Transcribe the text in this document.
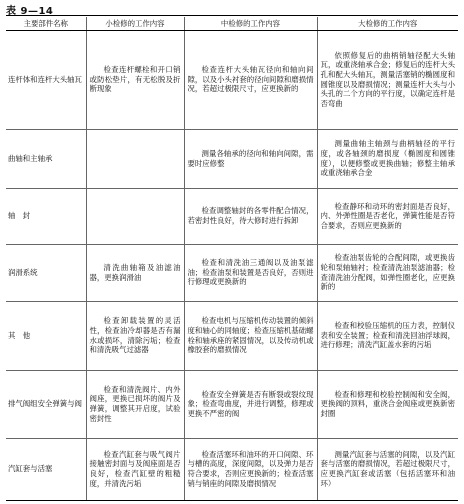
表 9—14
主要部件名称	小检修的工作内容	中检修的工作内容	大检修的工作内容
连杆体和连杆大头轴瓦	检查连杆螺栓和开口销或防松垫片，有无松脱及折断现象	检查连杆大头轴瓦径向和轴向间隙，以及小头衬套的径向间隙和磨损情况，若超过极限尺寸，应更换新的	依照修复后的曲柄销轴径配大头轴瓦，或重浇轴承合金；修复后的连杆大头孔和配大头轴瓦，测量活塞销的椭圆度和圆锥度以及磨损情况；测量连杆大头与小头孔的二个方向的平行度，以确定连杆是否弯曲
曲轴和主轴承		测量各轴承的径向和轴向间隙，需要时应修整	测量曲轴主轴颈与曲柄轴径的平行度，或各轴颈的磨损度（椭圆度和圆锥度），以便修整或更换曲轴；修整主轴承或重浇轴承合金
轴　封		检查调整轴封的各零件配合情况，若密封性良好，待大修时进行拆卸	检查静环和动环的密封面是否良好，内、外弹性圈是否老化，弹簧性能是否符合要求，否则应更换新的
润滑系统	清洗曲轴箱及油滤油器，更换润滑油	检查和清洗油三通阀以及油泵滤油；检查油泵和装置是否良好，否则进行修理或更换新的	检查油泵齿轮的合配间隙，或更换齿轮和泵轴轴衬；检查清洗油泵滤油器；检查清洗油分配阀，如弹性圈老化，应更换新的
其　他	检查卸载装置的灵活性，检查油冷却器是否有漏水或损坏，清除污垢；检查和清洗吸气过滤器	检查电机与压缩机传动装置的倾斜度和轴心的同轴度；检查压缩机基础螺栓和轴承座的紧固情况，以及传动机或橡胶套的磨损情况	检查和校验压缩机的压力表，控制仪表和安全装置；检查和清洗回油浮球阀，进行修理；清洗汽缸盖水套的污垢
排气阀组安全弹簧与阀	检查和清洗阀片、内外阀座，更换已损坏的阀片及弹簧，调整其开启度，试验密封性	检查安全弹簧是否有断裂或裂纹现象；检查弯曲度，并进行调整，修理或更换不严密的阀	检查和修理和校验控制阀和安全阀，更换阀的顶料，重浇合金阀座或更换新密封圈
汽缸套与活塞	检查汽缸套与吸气阀片接触密封面与及阀座面是否良好，检查汽缸壁的粗糙度，并清洗污垢	检查活塞环和油环的开口间隙、环与槽的高度，深度间隙，以及弹力是否符合要求，否则应更换新的；检查活塞销与销座的间隙及磨损情况	测量汽缸套与活塞的间隙，以及汽缸套与活塞的磨损情况，若超过极限尺寸，应更换汽缸套或活塞（包括活塞环和油环）
